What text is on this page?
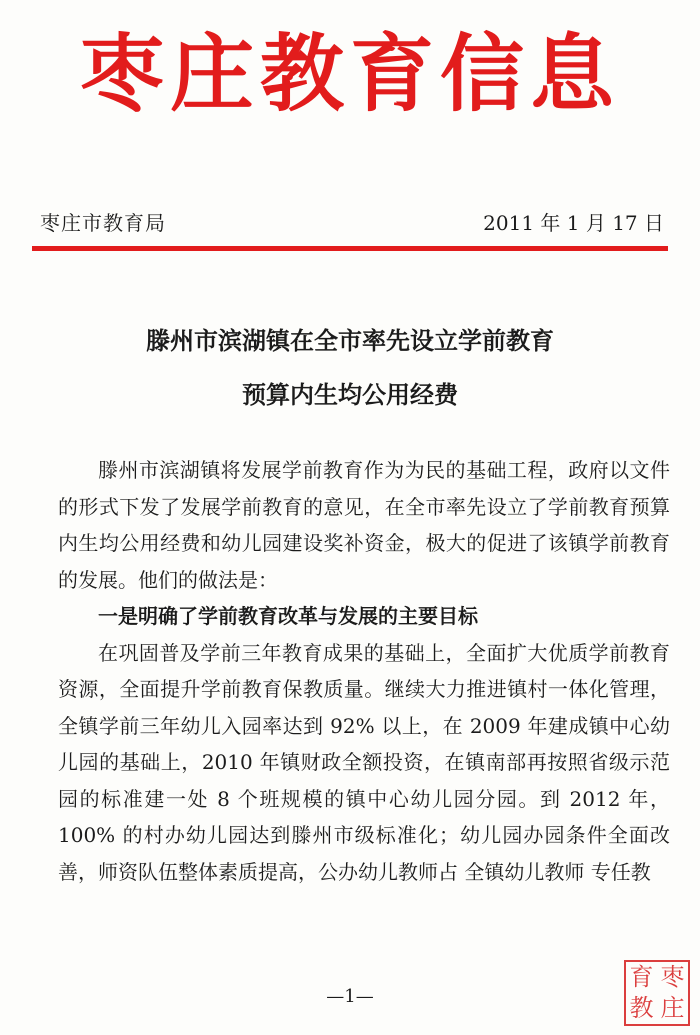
枣庄教育信息
枣庄市教育局	2011 年 1 月 17 日
滕州市滨湖镇在全市率先设立学前教育
预算内生均公用经费

滕州市滨湖镇将发展学前教育作为为民的基础工程，政府以文件的形式下发了发展学前教育的意见，在全市率先设立了学前教育预算内生均公用经费和幼儿园建设奖补资金，极大的促进了该镇学前教育的发展。他们的做法是：

一是明确了学前教育改革与发展的主要目标

在巩固普及学前三年教育成果的基础上，全面扩大优质学前教育资源，全面提升学前教育保教质量。继续大力推进镇村一体化管理，全镇学前三年幼儿入园率达到 92% 以上，在 2009 年建成镇中心幼儿园的基础上，2010 年镇财政全额投资，在镇南部再按照省级示范园的标准建一处 8 个班规模的镇中心幼儿园分园。到 2012 年，100% 的村办幼儿园达到滕州市级标准化；幼儿园办园条件全面改善，师资队伍整体素质提高，公办幼儿教师占 全镇幼儿教师 专任教

—1—
育 枣
教 庄
